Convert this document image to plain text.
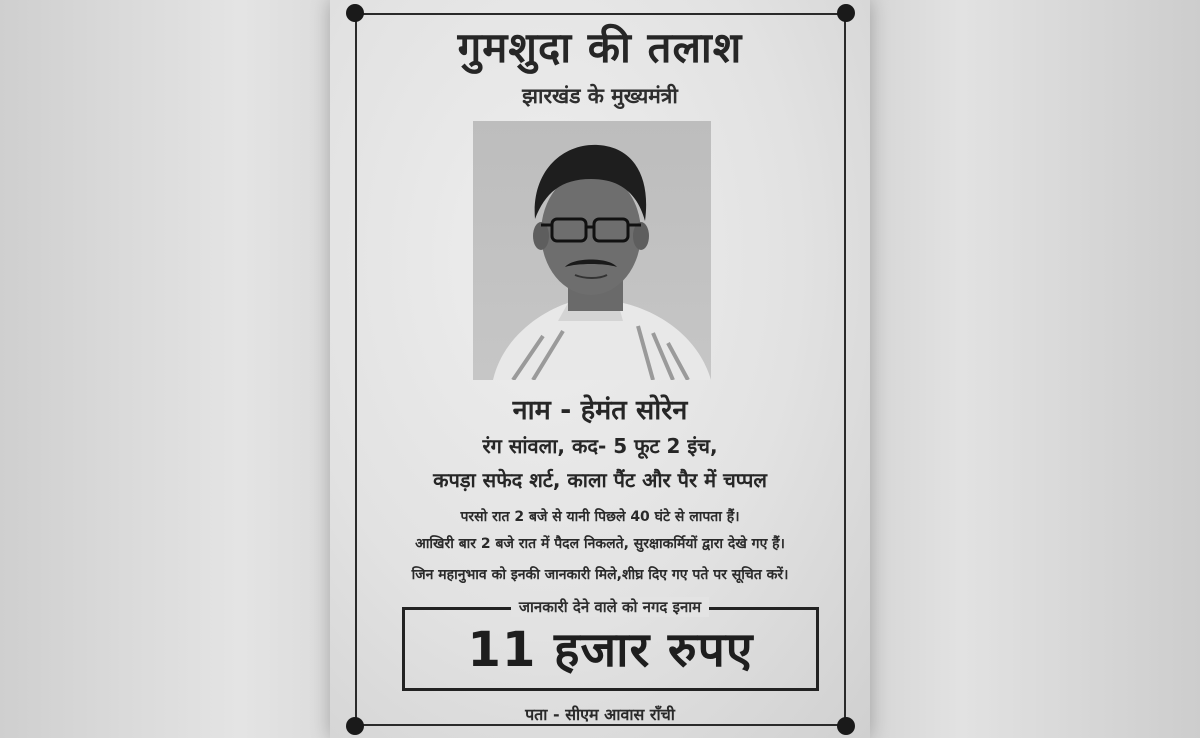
गुमशुदा की तलाश
झारखंड के मुख्यमंत्री
नाम - हेमंत सोरेन
रंग सांवला, कद- 5 फूट 2 इंच,
कपड़ा सफेद शर्ट, काला पैंट और पैर में चप्पल
परसो रात 2 बजे से यानी पिछले 40 घंटे से लापता हैं।
आखिरी बार 2 बजे रात में पैदल निकलते, सुरक्षाकर्मियों द्वारा देखे गए हैं।
जिन महानुभाव को इनकी जानकारी मिले,शीघ्र दिए गए पते पर सूचित करें।
जानकारी देने वाले को नगद इनाम
11 हजार रुपए
पता - सीएम आवास राँची
